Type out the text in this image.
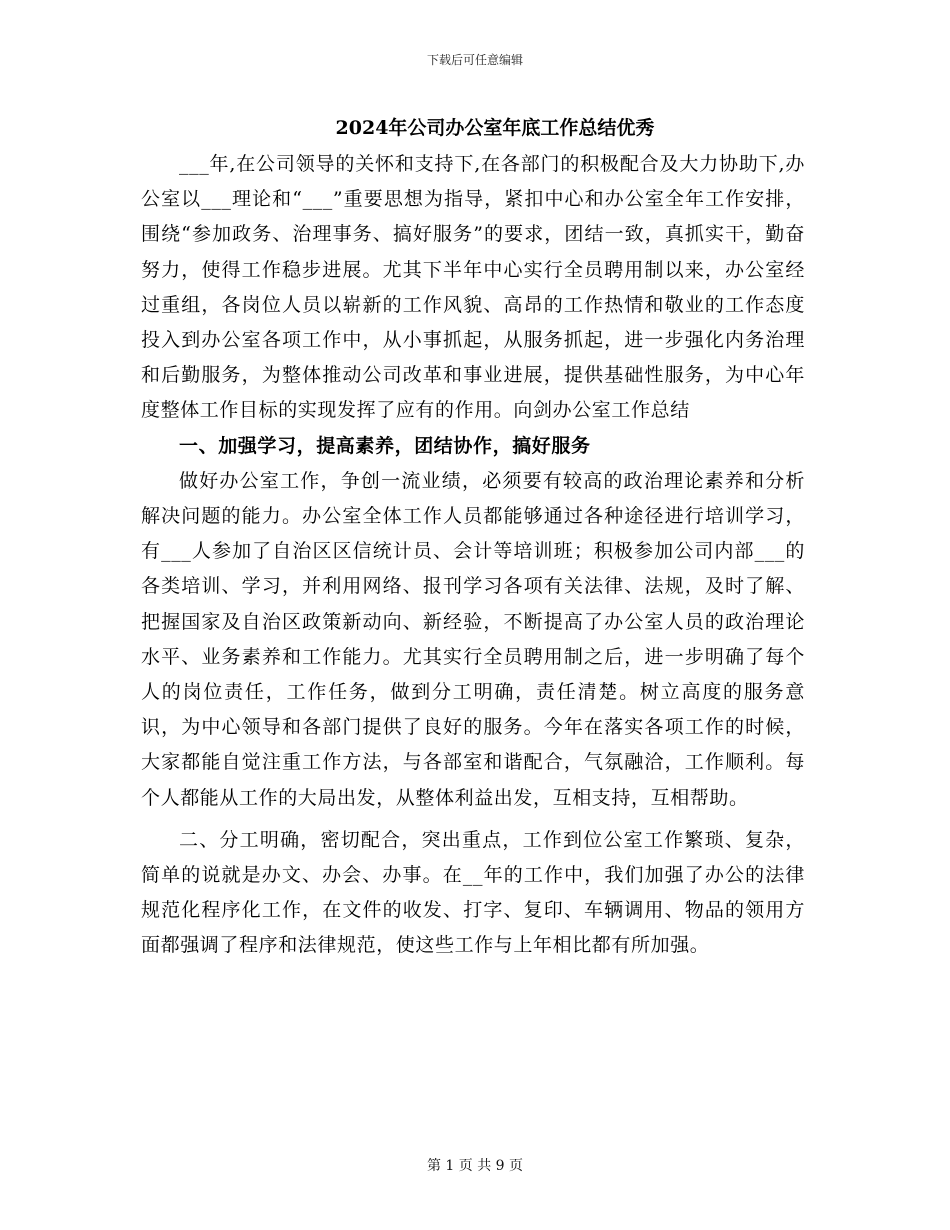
下载后可任意编辑
2024年公司办公室年底工作总结优秀

___年,在公司领导的关怀和支持下,在各部门的积极配合及大力协助下,办公室以___理论和“___”重要思想为指导，紧扣中心和办公室全年工作安排，围绕“参加政务、治理事务、搞好服务”的要求，团结一致，真抓实干，勤奋努力，使得工作稳步进展。尤其下半年中心实行全员聘用制以来，办公室经过重组，各岗位人员以崭新的工作风貌、高昂的工作热情和敬业的工作态度投入到办公室各项工作中，从小事抓起，从服务抓起，进一步强化内务治理和后勤服务，为整体推动公司改革和事业进展，提供基础性服务，为中心年度整体工作目标的实现发挥了应有的作用。向剑办公室工作总结

一、加强学习，提高素养，团结协作，搞好服务

做好办公室工作，争创一流业绩，必须要有较高的政治理论素养和分析解决问题的能力。办公室全体工作人员都能够通过各种途径进行培训学习，有___人参加了自治区区信统计员、会计等培训班；积极参加公司内部___的各类培训、学习，并利用网络、报刊学习各项有关法律、法规，及时了解、把握国家及自治区政策新动向、新经验，不断提高了办公室人员的政治理论水平、业务素养和工作能力。尤其实行全员聘用制之后，进一步明确了每个人的岗位责任，工作任务，做到分工明确，责任清楚。树立高度的服务意识，为中心领导和各部门提供了良好的服务。今年在落实各项工作的时候，大家都能自觉注重工作方法，与各部室和谐配合，气氛融洽，工作顺利。每个人都能从工作的大局出发，从整体利益出发，互相支持，互相帮助。

二、分工明确，密切配合，突出重点，工作到位公室工作繁琐、复杂，简单的说就是办文、办会、办事。在__年的工作中，我们加强了办公的法律规范化程序化工作，在文件的收发、打字、复印、车辆调用、物品的领用方面都强调了程序和法律规范，使这些工作与上年相比都有所加强。

第 1 页 共 9 页
